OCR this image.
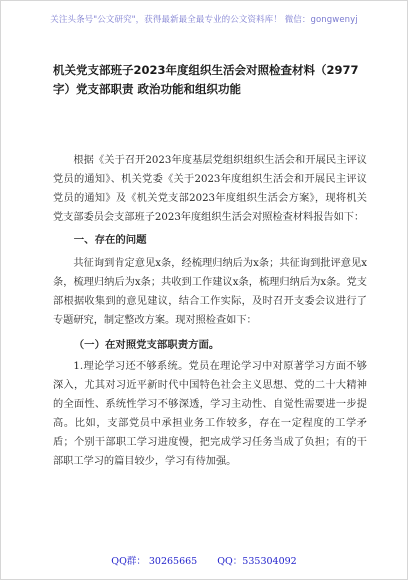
关注头条号"公文研究"，获得最新最全最专业的公文资料库！ 微信：gongwenyj
机关党支部班子2023年度组织生活会对照检查材料（2977字）党支部职责 政治功能和组织功能

根据《关于召开2023年度基层党组织组织生活会和开展民主评议党员的通知》、机关党委《关于2023年度组织生活会和开展民主评议党员的通知》及《机关党支部2023年度组织生活会方案》，现将机关党支部委员会支部班子2023年度组织生活会对照检查材料报告如下：

一、存在的问题

共征询到肯定意见x条，经梳理归纳后为x条；共征询到批评意见x条，梳理归纳后为x条；共收到工作建议x条，梳理归纳后为x条。党支部根据收集到的意见建议，结合工作实际，及时召开支委会议进行了专题研究，制定整改方案。现对照检查如下：

（一）在对照党支部职责方面。

1.理论学习还不够系统。党员在理论学习中对原著学习方面不够深入，尤其对习近平新时代中国特色社会主义思想、党的二十大精神的全面性、系统性学习不够深透，学习主动性、自觉性需要进一步提高。比如，支部党员中承担业务工作较多，存在一定程度的工学矛盾；个别干部职工学习进度慢，把完成学习任务当成了负担；有的干部职工学习的篇目较少，学习有待加强。

QQ群： 30265665 QQ：535304092
